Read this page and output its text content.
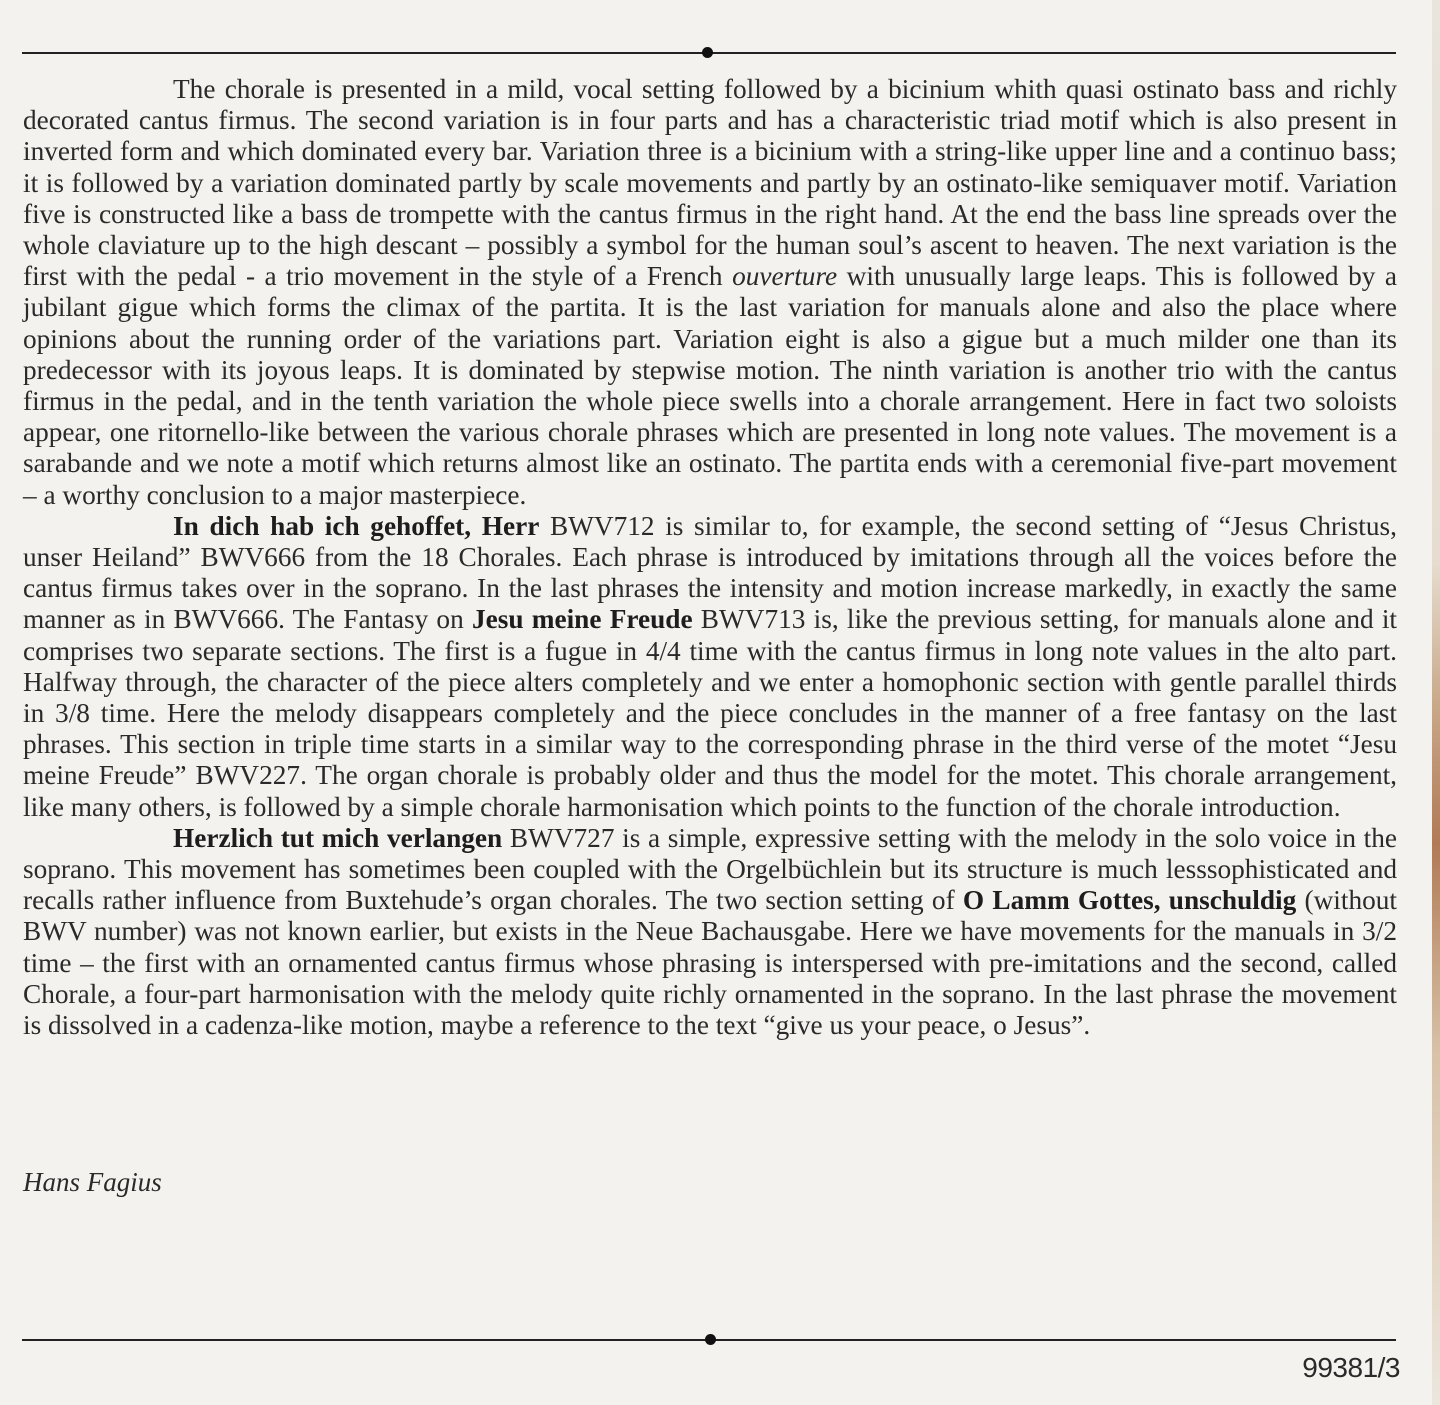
The chorale is presented in a mild, vocal setting followed by a bicinium whith quasi ostinato bass and richly decorated cantus firmus. The second variation is in four parts and has a characteristic triad motif which is also present in inverted form and which dominated every bar. Variation three is a bicinium with a string-like upper line and a continuo bass; it is followed by a variation dominated partly by scale movements and partly by an ostinato-like semiquaver motif. Variation five is constructed like a bass de trompette with the cantus firmus in the right hand. At the end the bass line spreads over the whole claviature up to the high descant – possibly a symbol for the human soul’s ascent to heaven. The next variation is the first with the pedal - a trio movement in the style of a French ouverture with unusually large leaps. This is followed by a jubilant gigue which forms the climax of the partita. It is the last variation for manuals alone and also the place where opinions about the running order of the variations part. Variation eight is also a gigue but a much milder one than its predecessor with its joyous leaps. It is dominated by stepwise motion. The ninth variation is another trio with the cantus firmus in the pedal, and in the tenth variation the whole piece swells into a chorale arrangement. Here in fact two soloists appear, one ritornello-like between the various chorale phrases which are presented in long note values. The movement is a sarabande and we note a motif which returns almost like an ostinato. The partita ends with a ceremonial five-part movement – a worthy conclusion to a major masterpiece.

In dich hab ich gehoffet, Herr BWV712 is similar to, for example, the second setting of “Jesus Christus, unser Heiland” BWV666 from the 18 Chorales. Each phrase is introduced by imitations through all the voices before the cantus firmus takes over in the soprano. In the last phrases the intensity and motion increase markedly, in exactly the same manner as in BWV666. The Fantasy on Jesu meine Freude BWV713 is, like the previous setting, for manuals alone and it comprises two separate sections. The first is a fugue in 4/4 time with the cantus firmus in long note values in the alto part. Halfway through, the character of the piece alters completely and we enter a homophonic section with gentle parallel thirds in 3/8 time. Here the melody disappears completely and the piece concludes in the manner of a free fantasy on the last phrases. This section in triple time starts in a similar way to the corresponding phrase in the third verse of the motet “Jesu meine Freude” BWV227. The organ chorale is probably older and thus the model for the motet. This chorale arrangement, like many others, is followed by a simple chorale harmonisation which points to the function of the chorale introduction.

Herzlich tut mich verlangen BWV727 is a simple, expressive setting with the melody in the solo voice in the soprano. This movement has sometimes been coupled with the Orgelbüchlein but its structure is much lesssophisticated and recalls rather influence from Buxtehude’s organ chorales. The two section setting of O Lamm Gottes, unschuldig (without BWV number) was not known earlier, but exists in the Neue Bachausgabe. Here we have movements for the manuals in 3/2 time – the first with an ornamented cantus firmus whose phrasing is interspersed with pre-imitations and the second, called Chorale, a four-part harmonisation with the melody quite richly ornamented in the soprano. In the last phrase the movement is dissolved in a cadenza-like motion, maybe a reference to the text “give us your peace, o Jesus”.

Hans Fagius
99381/3
